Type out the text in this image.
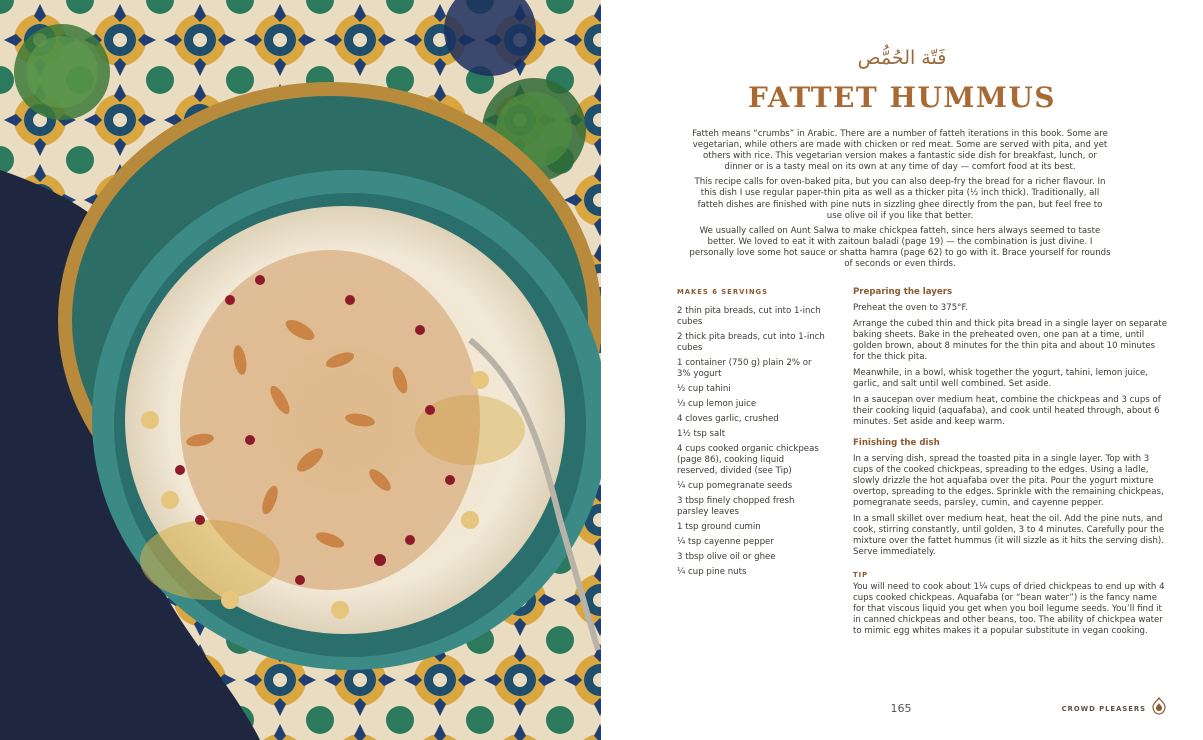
فَتّة الحُمُّص
FATTET HUMMUS

Fatteh means “crumbs” in Arabic. There are a number of fatteh iterations in this book. Some are vegetarian, while others are made with chicken or red meat. Some are served with pita, and yet others with rice. This vegetarian version makes a fantastic side dish for breakfast, lunch, or dinner or is a tasty meal on its own at any time of day — comfort food at its best.

This recipe calls for oven-baked pita, but you can also deep-fry the bread for a richer flavour. In this dish I use regular paper-thin pita as well as a thicker pita (½ inch thick). Traditionally, all fatteh dishes are finished with pine nuts in sizzling ghee directly from the pan, but feel free to use olive oil if you like that better.

We usually called on Aunt Salwa to make chickpea fatteh, since hers always seemed to taste better. We loved to eat it with zaitoun baladi (page 19) — the combination is just divine. I personally love some hot sauce or shatta hamra (page 62) to go with it. Brace yourself for rounds of seconds or even thirds.

MAKES 6 SERVINGS
2 thin pita breads, cut into 1-inch cubes
2 thick pita breads, cut into 1-inch cubes
1 container (750 g) plain 2% or 3% yogurt
½ cup tahini
⅓ cup lemon juice
4 cloves garlic, crushed
1½ tsp salt
4 cups cooked organic chickpeas (page 86), cooking liquid reserved, divided (see Tip)
¼ cup pomegranate seeds
3 tbsp finely chopped fresh parsley leaves
1 tsp ground cumin
¼ tsp cayenne pepper
3 tbsp olive oil or ghee
¼ cup pine nuts
Preparing the layers

Preheat the oven to 375°F.

Arrange the cubed thin and thick pita bread in a single layer on separate baking sheets. Bake in the preheated oven, one pan at a time, until golden brown, about 8 minutes for the thin pita and about 10 minutes for the thick pita.

Meanwhile, in a bowl, whisk together the yogurt, tahini, lemon juice, garlic, and salt until well combined. Set aside.

In a saucepan over medium heat, combine the chickpeas and 3 cups of their cooking liquid (aquafaba), and cook until heated through, about 6 minutes. Set aside and keep warm.

Finishing the dish

In a serving dish, spread the toasted pita in a single layer. Top with 3 cups of the cooked chickpeas, spreading to the edges. Using a ladle, slowly drizzle the hot aquafaba over the pita. Pour the yogurt mixture overtop, spreading to the edges. Sprinkle with the remaining chickpeas, pomegranate seeds, parsley, cumin, and cayenne pepper.

In a small skillet over medium heat, heat the oil. Add the pine nuts, and cook, stirring constantly, until golden, 3 to 4 minutes. Carefully pour the mixture over the fattet hummus (it will sizzle as it hits the serving dish). Serve immediately.

TIP
You will need to cook about 1¼ cups of dried chickpeas to end up with 4 cups cooked chickpeas. Aquafaba (or “bean water”) is the fancy name for that viscous liquid you get when you boil legume seeds. You’ll find it in canned chickpeas and other beans, too. The ability of chickpea water to mimic egg whites makes it a popular substitute in vegan cooking.
165	CROWD PLEASERS
